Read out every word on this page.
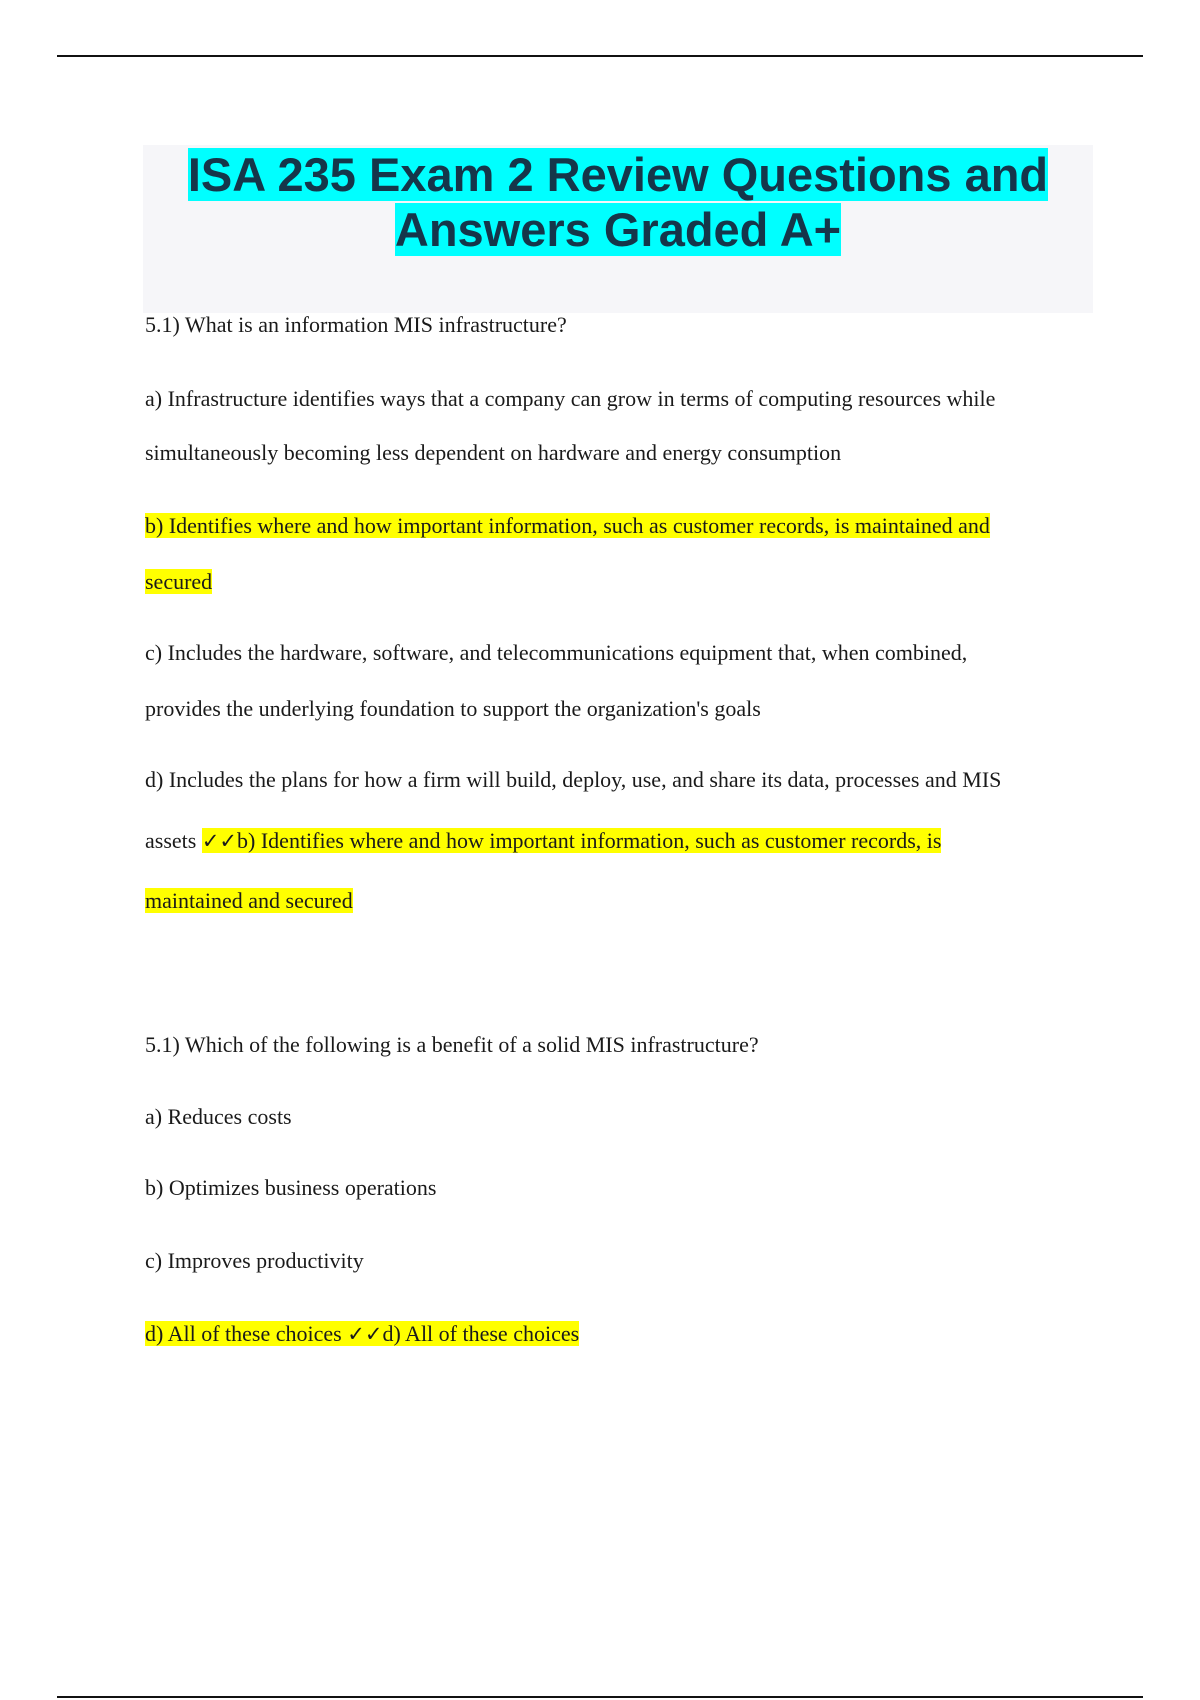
ISA 235 Exam 2 Review Questions and
Answers Graded A+
5.1) What is an information MIS infrastructure?
a) Infrastructure identifies ways that a company can grow in terms of computing resources while
simultaneously becoming less dependent on hardware and energy consumption
b) Identifies where and how important information, such as customer records, is maintained and
secured
c) Includes the hardware, software, and telecommunications equipment that, when combined,
provides the underlying foundation to support the organization's goals
d) Includes the plans for how a firm will build, deploy, use, and share its data, processes and MIS
assets ✓✓b) Identifies where and how important information, such as customer records, is
maintained and secured
5.1) Which of the following is a benefit of a solid MIS infrastructure?
a) Reduces costs
b) Optimizes business operations
c) Improves productivity
d) All of these choices ✓✓d) All of these choices
